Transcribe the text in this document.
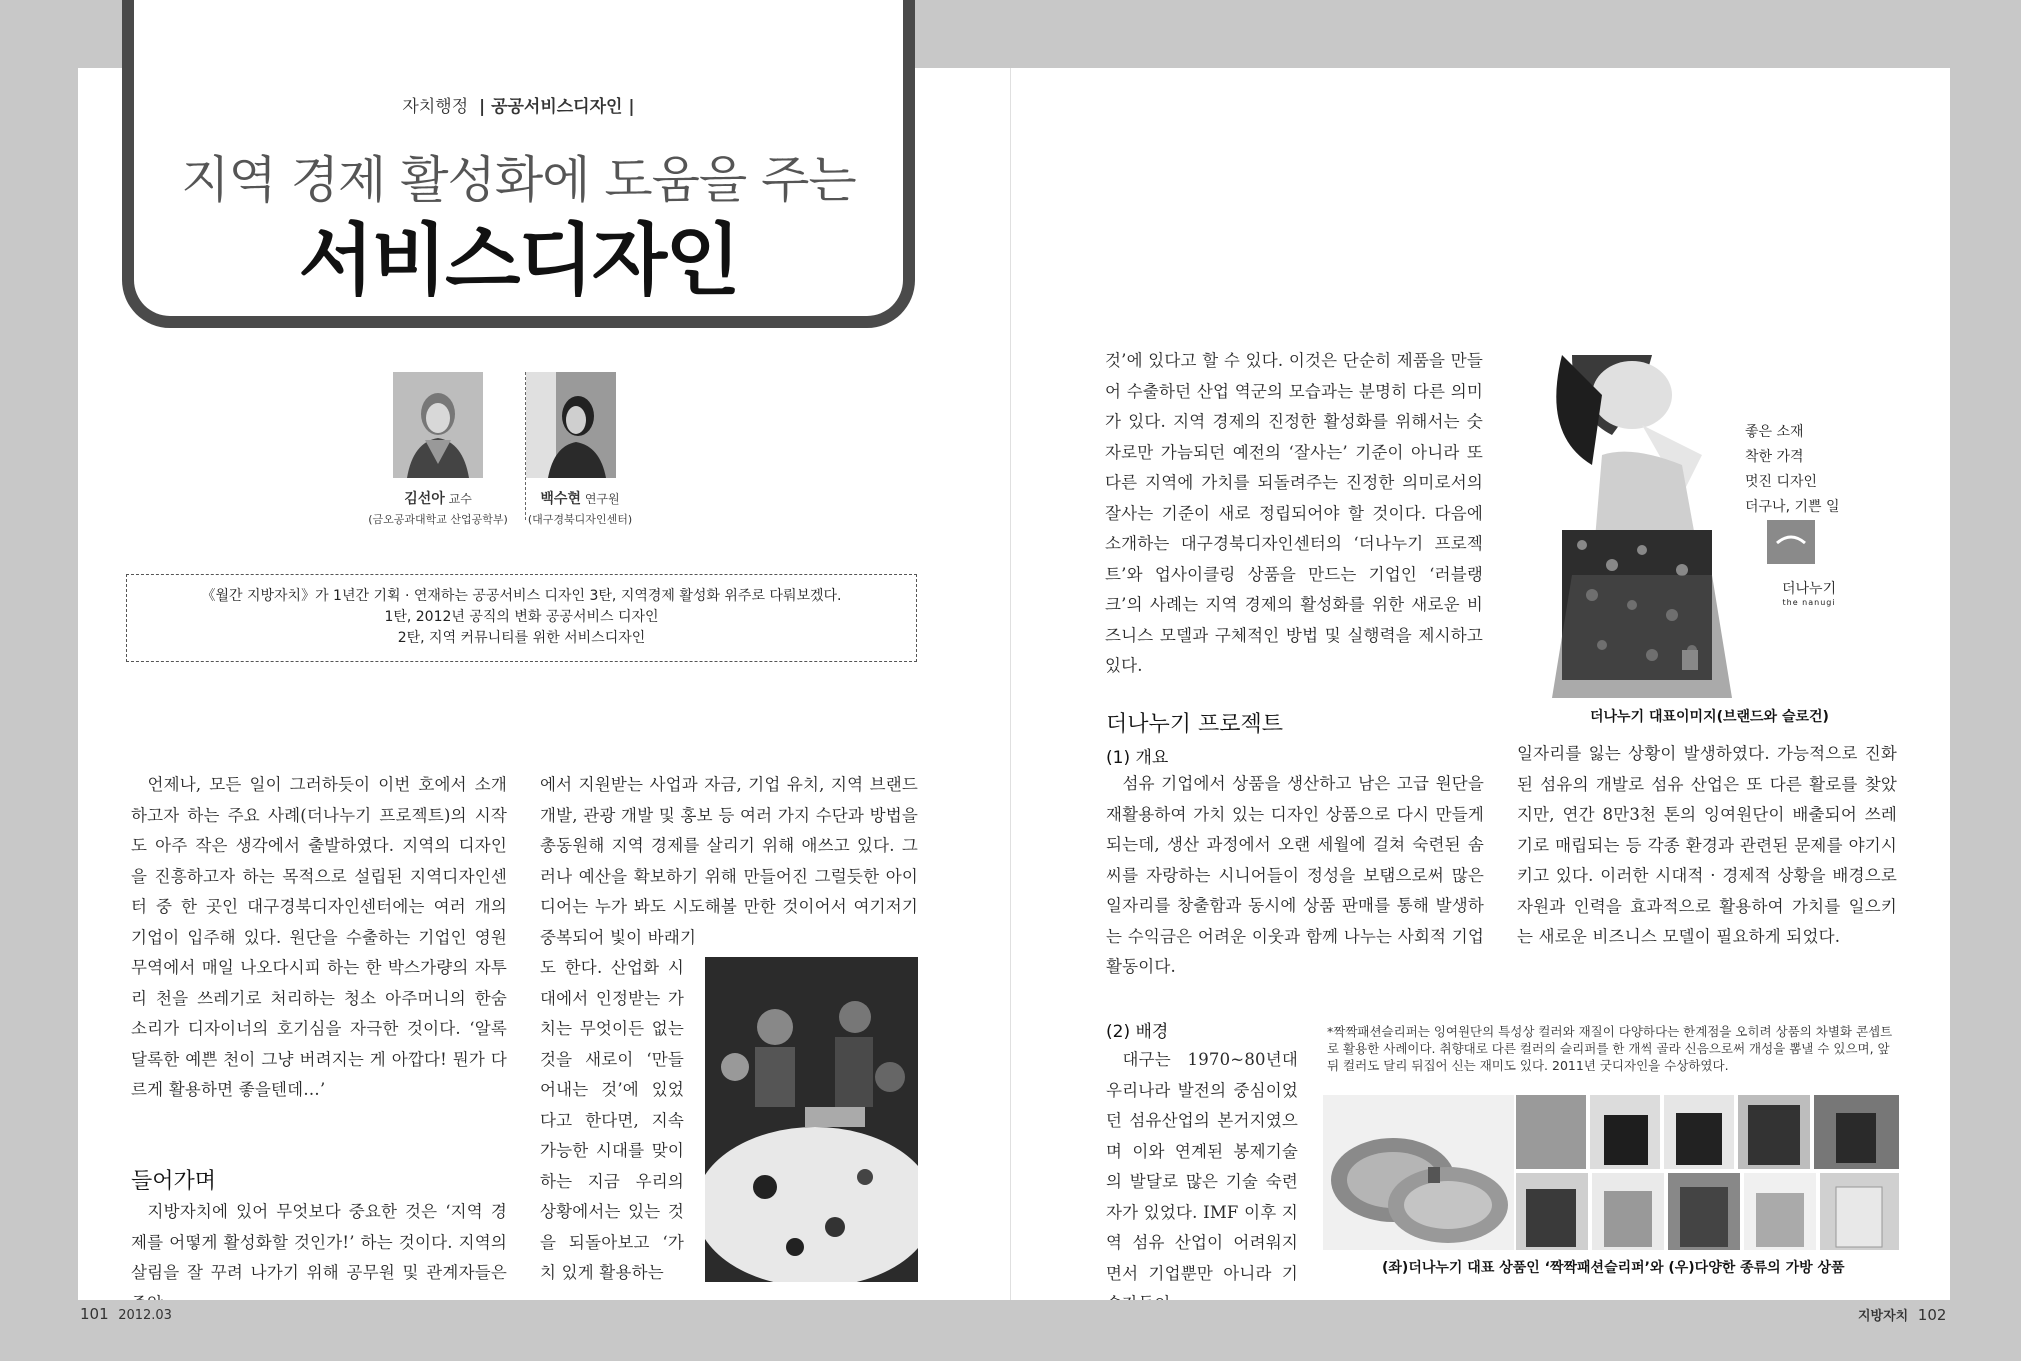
자치행정 | 공공서비스디자인 |
지역 경제 활성화에 도움을 주는
서비스디자인
김선아 교수
(금오공과대학교 산업공학부)
백수현 연구원
(대구경북디자인센터)
《월간 지방자치》가 1년간 기획 · 연재하는 공공서비스 디자인 3탄, 지역경제 활성화 위주로 다뤄보겠다.
1탄, 2012년 공직의 변화 공공서비스 디자인
2탄, 지역 커뮤니티를 위한 서비스디자인

언제나, 모든 일이 그러하듯이 이번 호에서 소개하고자 하는 주요 사례(더나누기 프로젝트)의 시작도 아주 작은 생각에서 출발하였다. 지역의 디자인을 진흥하고자 하는 목적으로 설립된 지역디자인센터 중 한 곳인 대구경북디자인센터에는 여러 개의 기업이 입주해 있다. 원단을 수출하는 기업인 영원무역에서 매일 나오다시피 하는 한 박스가량의 자투리 천을 쓰레기로 처리하는 청소 아주머니의 한숨 소리가 디자이너의 호기심을 자극한 것이다. ‘알록달록한 예쁜 천이 그냥 버려지는 게 아깝다! 뭔가 다르게 활용하면 좋을텐데…’

들어가며

지방자치에 있어 무엇보다 중요한 것은 ‘지역 경제를 어떻게 활성화할 것인가!’ 하는 것이다. 지역의 살림을 잘 꾸려 나가기 위해 공무원 및 관계자들은

에서 지원받는 사업과 자금, 기업 유치, 지역 브랜드 개발, 관광 개발 및 홍보 등 여러 가지 수단과 방법을 총동원해 지역 경제를 살리기 위해 애쓰고 있다. 그러나 예산을 확보하기 위해 만들어진 그럴듯한 아이디어는 누가 봐도 시도해볼 만한 것이어서 여기저기 중복되어 빛이 바래기

도 한다. 산업화 시대에서 인정받는 가치는 무엇이든 없는 것을 새로이 ‘만들어내는 것’에 있었다고 한다면, 지속가능한 시대를 맞이하는 지금 우리의 상황에서는 있는 것을 되돌아보고 ‘가치 있게 활용하는

것’에 있다고 할 수 있다. 이것은 단순히 제품을 만들어 수출하던 산업 역군의 모습과는 분명히 다른 의미가 있다. 지역 경제의 진정한 활성화를 위해서는 숫자로만 가늠되던 예전의 ‘잘사는’ 기준이 아니라 또 다른 지역에 가치를 되돌려주는 진정한 의미로서의 잘사는 기준이 새로 정립되어야 할 것이다. 다음에 소개하는 대구경북디자인센터의 ‘더나누기 프로젝트’와 업사이클링 상품을 만드는 기업인 ‘러블랭크’의 사례는 지역 경제의 활성화를 위한 새로운 비즈니스 모델과 구체적인 방법 및 실행력을 제시하고 있다.

좋은 소재
착한 가격
멋진 디자인
더구나, 기쁜 일
더나누기
the nanugi
더나누기 대표이미지(브랜드와 슬로건)
더나누기 프로젝트
(1) 개요

섬유 기업에서 상품을 생산하고 남은 고급 원단을 재활용하여 가치 있는 디자인 상품으로 다시 만들게 되는데, 생산 과정에서 오랜 세월에 걸쳐 숙련된 솜씨를 자랑하는 시니어들이 정성을 보탬으로써 많은 일자리를 창출함과 동시에 상품 판매를 통해 발생하는 수익금은 어려운 이웃과 함께 나누는 사회적 기업 활동이다.

일자리를 잃는 상황이 발생하였다. 가능적으로 진화된 섬유의 개발로 섬유 산업은 또 다른 활로를 찾았지만, 연간 8만3천 톤의 잉여원단이 배출되어 쓰레기로 매립되는 등 각종 환경과 관련된 문제를 야기시키고 있다. 이러한 시대적 · 경제적 상황을 배경으로 자원과 인력을 효과적으로 활용하여 가치를 일으키는 새로운 비즈니스 모델이 필요하게 되었다.

(2) 배경

대구는 1970~80년대 우리나라 발전의 중심이었던 섬유산업의 본거지였으며 이와 연계된 봉제기술의 발달로 많은 기술 숙련자가 있었다. IMF 이후 지역 섬유 산업이 어려워지면서 기업뿐만 아니라 기

*짝짝패션슬리퍼는 잉여원단의 특성상 컬러와 재질이 다양하다는 한계점을 오히려 상품의 차별화 콘셉트로 활용한 사례이다. 취향대로 다른 컬러의 슬리퍼를 한 개씩 골라 신음으로써 개성을 뽐낼 수 있으며, 앞뒤 컬러도 달리 뒤집어 신는 재미도 있다. 2011년 굿디자인을 수상하였다.
(좌)더나누기 대표 상품인 ‘짝짝패션슬리퍼’와 (우)다양한 종류의 가방 상품
101 2012.03	지방자치 102
